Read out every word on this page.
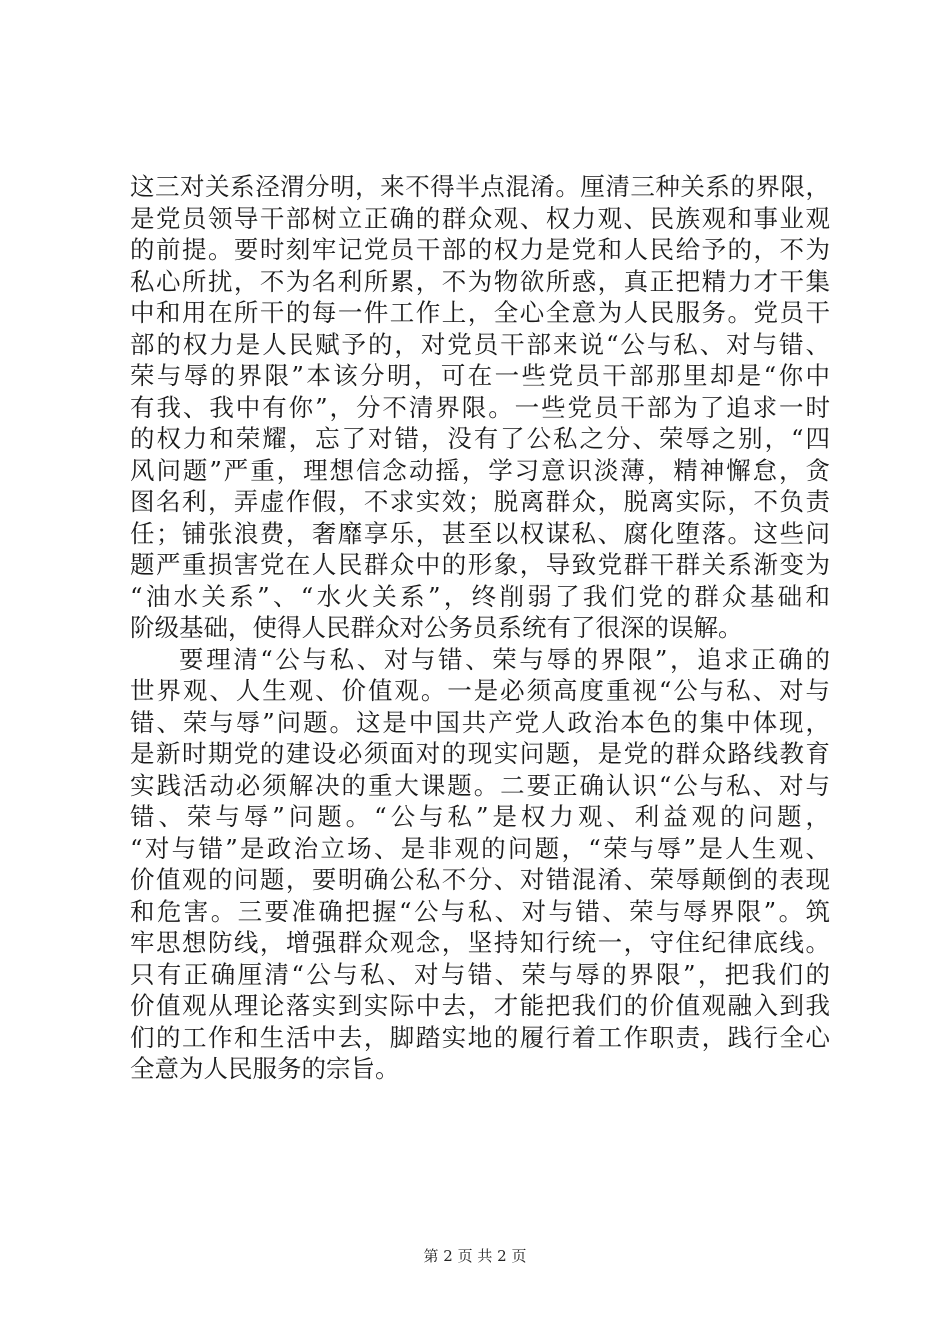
这三对关系泾渭分明，来不得半点混淆。厘清三种关系的界限，
是党员领导干部树立正确的群众观、权力观、民族观和事业观
的前提。要时刻牢记党员干部的权力是党和人民给予的，不为
私心所扰，不为名利所累，不为物欲所惑，真正把精力才干集
中和用在所干的每一件工作上，全心全意为人民服务。党员干
部的权力是人民赋予的，对党员干部来说“公与私、对与错、
荣与辱的界限”本该分明，可在一些党员干部那里却是“你中
有我、我中有你”，分不清界限。一些党员干部为了追求一时
的权力和荣耀，忘了对错，没有了公私之分、荣辱之别，“四
风问题”严重，理想信念动摇，学习意识淡薄，精神懈怠，贪
图名利，弄虚作假，不求实效；脱离群众，脱离实际，不负责
任；铺张浪费，奢靡享乐，甚至以权谋私、腐化堕落。这些问
题严重损害党在人民群众中的形象，导致党群干群关系渐变为
“油水关系”、“水火关系”，终削弱了我们党的群众基础和
阶级基础，使得人民群众对公务员系统有了很深的误解。
要理清“公与私、对与错、荣与辱的界限”，追求正确的
世界观、人生观、价值观。一是必须高度重视“公与私、对与
错、荣与辱”问题。这是中国共产党人政治本色的集中体现，
是新时期党的建设必须面对的现实问题，是党的群众路线教育
实践活动必须解决的重大课题。二要正确认识“公与私、对与
错、荣与辱”问题。“公与私”是权力观、利益观的问题，
“对与错”是政治立场、是非观的问题，“荣与辱”是人生观、
价值观的问题，要明确公私不分、对错混淆、荣辱颠倒的表现
和危害。三要准确把握“公与私、对与错、荣与辱界限”。筑
牢思想防线，增强群众观念，坚持知行统一，守住纪律底线。
只有正确厘清“公与私、对与错、荣与辱的界限”，把我们的
价值观从理论落实到实际中去，才能把我们的价值观融入到我
们的工作和生活中去，脚踏实地的履行着工作职责，践行全心
全意为人民服务的宗旨。
第 2 页 共 2 页
